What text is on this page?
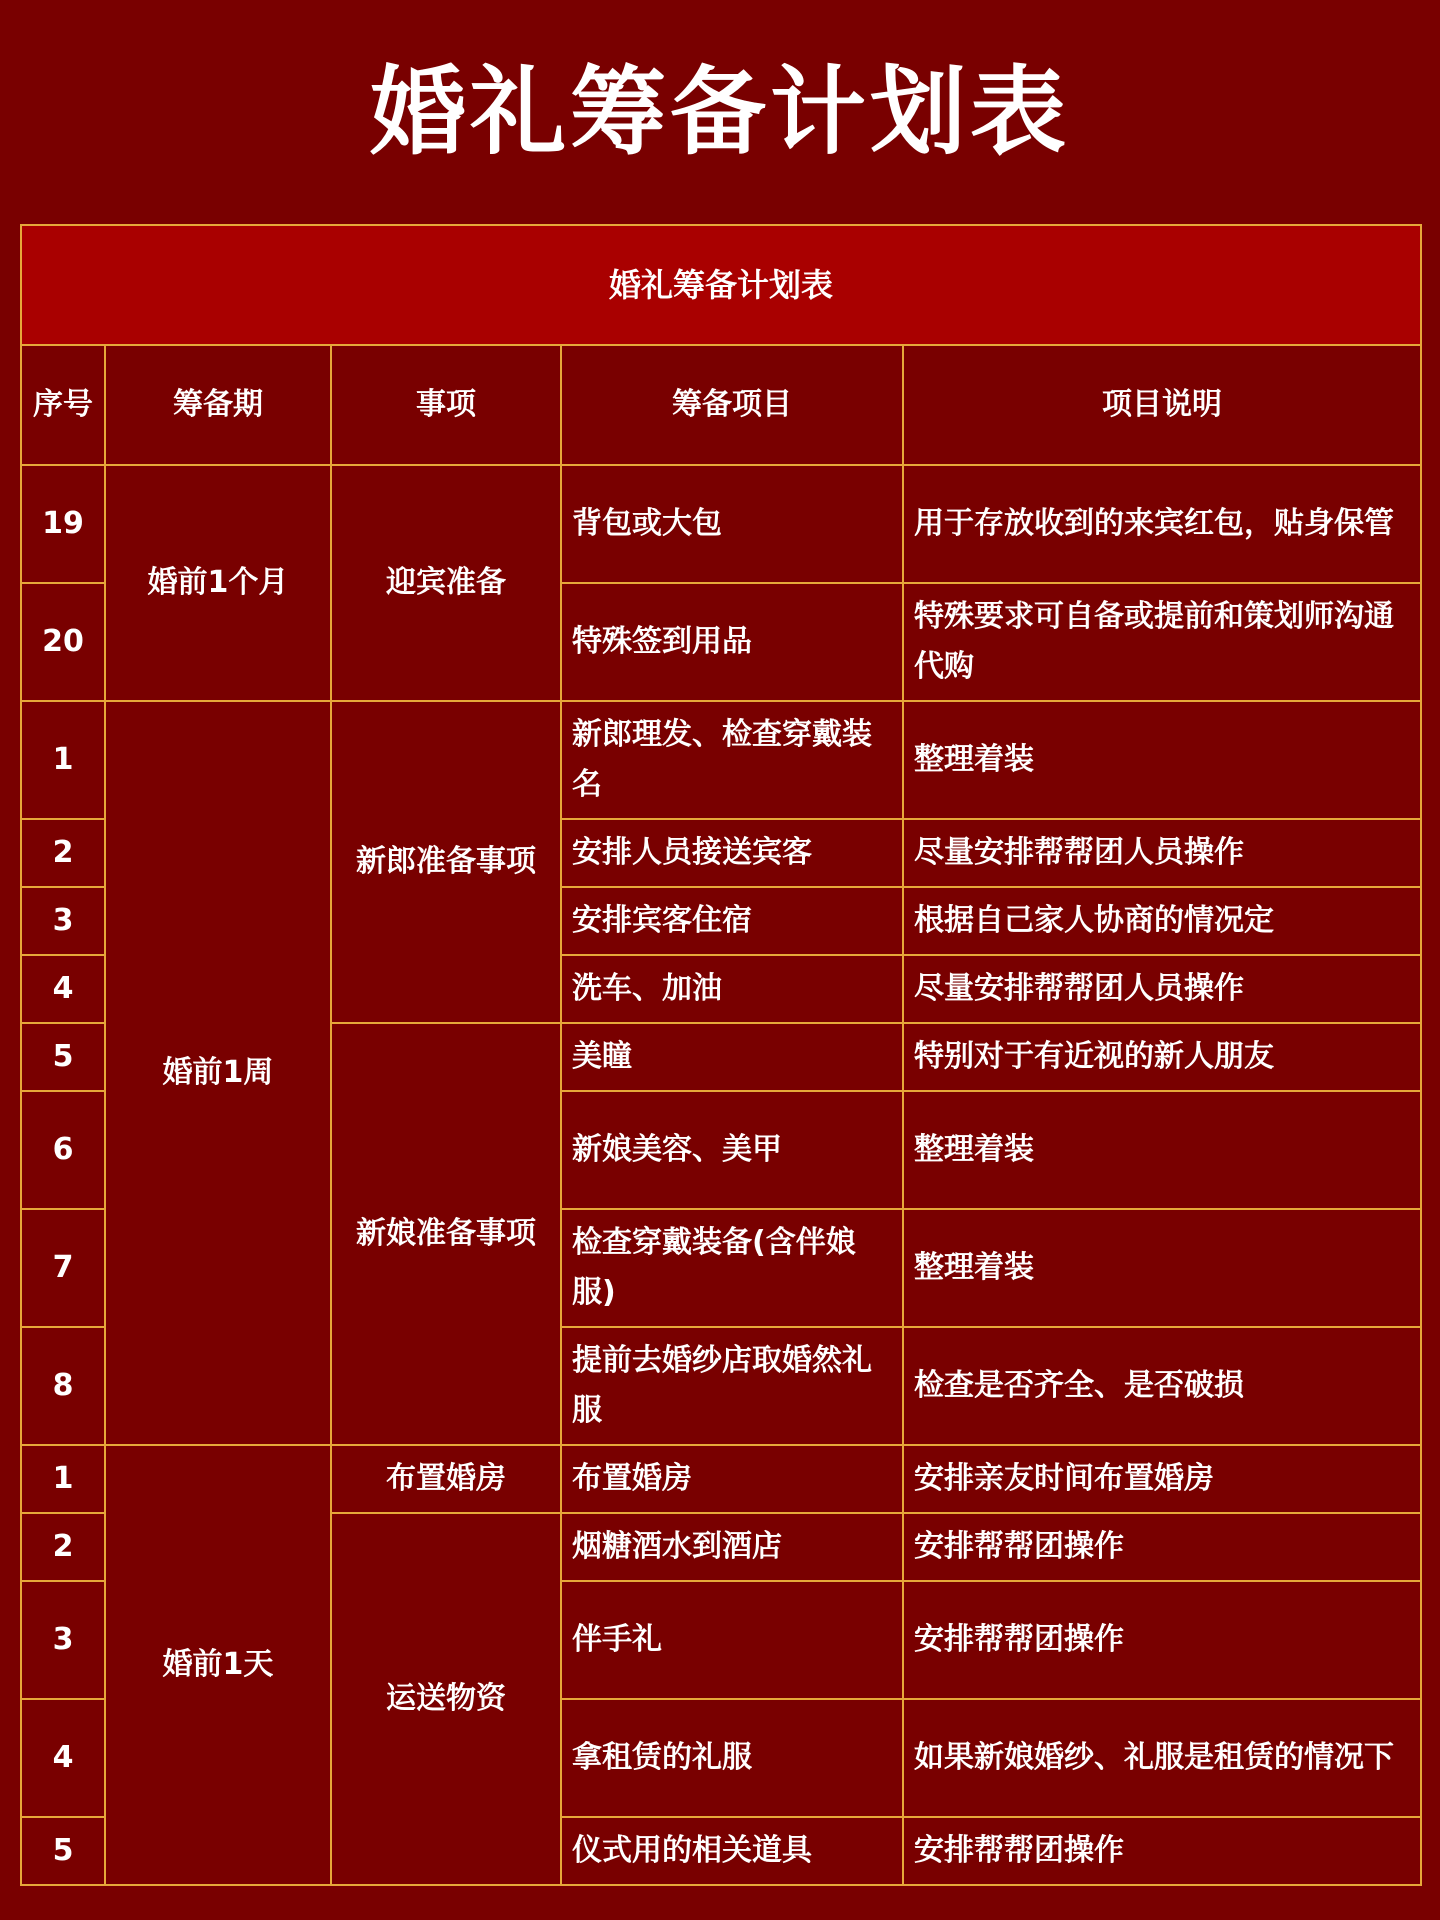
婚礼筹备计划表
婚礼筹备计划表				
序号	筹备期	事项	筹备项目	项目说明
19	婚前1个月	迎宾准备	背包或大包	用于存放收到的来宾红包，贴身保管
20			特殊签到用品	特殊要求可自备或提前和策划师沟通代购
1	婚前1周	新郎准备事项	新郎理发、检查穿戴装名	整理着装
2			安排人员接送宾客	尽量安排帮帮团人员操作
3			安排宾客住宿	根据自己家人协商的情况定
4			洗车、加油	尽量安排帮帮团人员操作
5		新娘准备事项	美瞳	特别对于有近视的新人朋友
6			新娘美容、美甲	整理着装
7			检查穿戴装备(含伴娘服)	整理着装
8			提前去婚纱店取婚然礼服	检查是否齐全、是否破损
1	婚前1天	布置婚房	布置婚房	安排亲友时间布置婚房
2		运送物资	烟糖酒水到酒店	安排帮帮团操作
3			伴手礼	安排帮帮团操作
4			拿租赁的礼服	如果新娘婚纱、礼服是租赁的情况下
5			仪式用的相关道具	安排帮帮团操作
